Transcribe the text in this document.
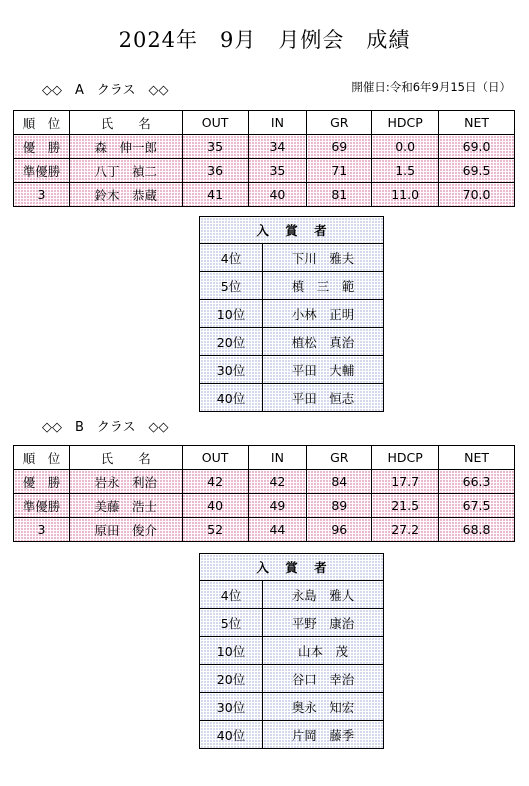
2024年　9月　月例会　成績
◇◇　A　クラス　◇◇	開催日:令和6年9月15日（日）
順　位	氏　　名	OUT	IN	GR	HDCP	NET
優　勝	森　伸一郎	35	34	69	0.0	69.0
準優勝	八丁　禎二	36	35	71	1.5	69.5
3	鈴木　恭蔵	41	40	81	11.0	70.0
入 賞 者	
4位	下川　雅夫
5位	槙　三　範
10位	小林　正明
20位	植松　真治
30位	平田　大輔
40位	平田　恒志
◇◇　B　クラス　◇◇
順　位	氏　　名	OUT	IN	GR	HDCP	NET
優　勝	岩永　利治	42	42	84	17.7	66.3
準優勝	美藤　浩士	40	49	89	21.5	67.5
3	原田　俊介	52	44	96	27.2	68.8
入 賞 者	
4位	永島　雅人
5位	平野　康治
10位	山本　茂
20位	谷口　幸治
30位	奥永　知宏
40位	片岡　藤季
